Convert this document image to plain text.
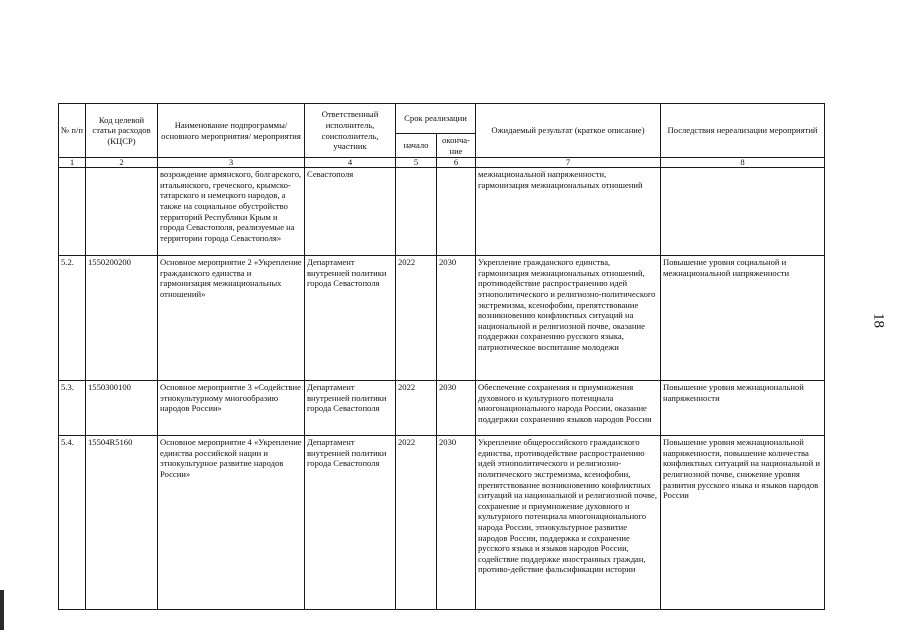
№ п/п	Код целевой статьи расходов (КЦСР)	Наименование подпрограммы/ основного мероприятия/ мероприятия	Ответственный исполнитель, соисполнитель, участник	Срок реализации		Ожидаемый результат (краткое описание)	Последствия нереализации мероприятий
				начало	оконча-ние		
1	2	3	4	5	6	7	8
		возрождение армянского, болгарского, итальянского, греческого, крымско-татарского и немецкого народов, а также на социальное обустройство территорий Республики Крым и города Севастополя, реализуемые на территории города Севастополя»	Севастополя			межнациональной напряженности, гармонизация межнациональных отношений	
5.2.	1550200200	Основное мероприятие 2 «Укрепление гражданского единства и гармонизация межнациональных отношений»	Департамент внутренней политики города Севастополя	2022	2030	Укрепление гражданского единства, гармонизация межнациональных отношений, противодействие распространению идей этнополитического и религиозно-политического экстремизма, ксенофобии, препятствование возникновению конфликтных ситуаций на национальной и религиозной почве, оказание поддержки сохранению русского языка, патриотическое воспитание молодежи	Повышение уровня социальной и межнациональной напряженности
5.3.	1550300100	Основное мероприятие 3 «Содействие этнокультурному многообразию народов России»	Департамент внутренней политики города Севастополя	2022	2030	Обеспечение сохранения и приумножения духовного и культурного потенциала многонационального народа России, оказание поддержки сохранению языков народов России	Повышение уровня межнациональной напряженности
5.4.	15504R5160	Основное мероприятие 4 «Укрепление единства российской нации и этнокультурное развитие народов России»	Департамент внутренней политики города Севастополя	2022	2030	Укрепление общероссийского гражданского единства, противодействие распространению идей этнополитического и религиозно-политического экстремизма, ксенофобии, препятствование возникновению конфликтных ситуаций на национальной и религиозной почве, сохранение и приумножение духовного и культурного потенциала многонационального народа России, этнокультурное развитие народов России, поддержка и сохранение русского языка и языков народов России, содействие поддержке иностранных граждан, противо-действие фальсификации истории	Повышение уровня межнациональной напряженности, повышение количества конфликтных ситуаций на национальной и религиозной почве, снижение уровня развития русского языка и языков народов России
18
